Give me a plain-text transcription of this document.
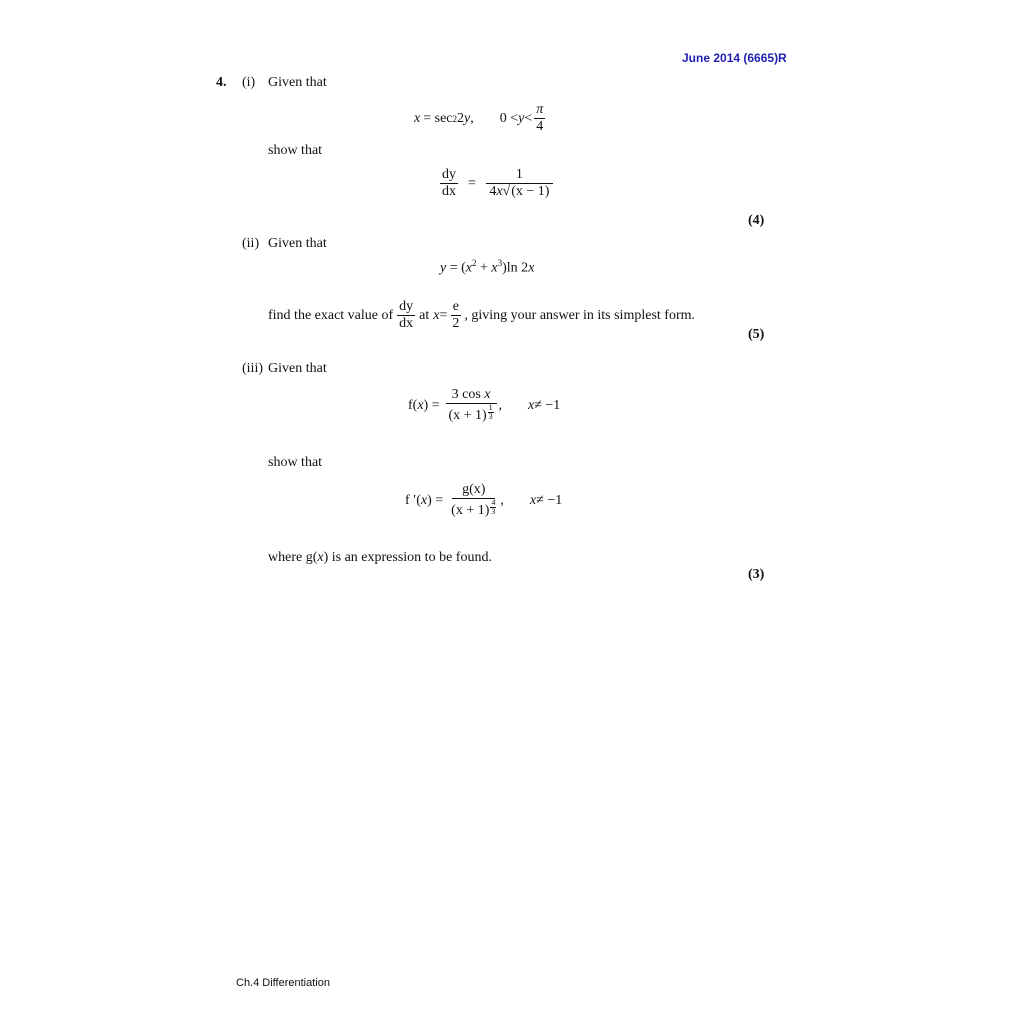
June 2014 (6665)R
4. (i) Given that
x = sec 2 2 y , $0 < y < \frac{\pi}{4}$
show that
$\frac{dy}{dx} = \frac{1}{4x√(x - 1)}$
(4)
(ii) Given that
$y = (x^2 + x^3)\ln$ 2x
find the exact value of $\frac{dy}{dx}$ at $x = \frac{e}{2}$ , giving your answer in its simplest form.
(5)
(iii) Given that
f( x ) = $\frac{\text{3 cos x}}{(x + 1) \frac{1}{3}}$ , x ≠ −1
show that
f ′( x ) = $\frac{g(x)}{(x + 1) \frac{4}{3}}$ , x ≠ −1
where g(x) is an expression to be found.
(3)
Ch.4 Differentiation
